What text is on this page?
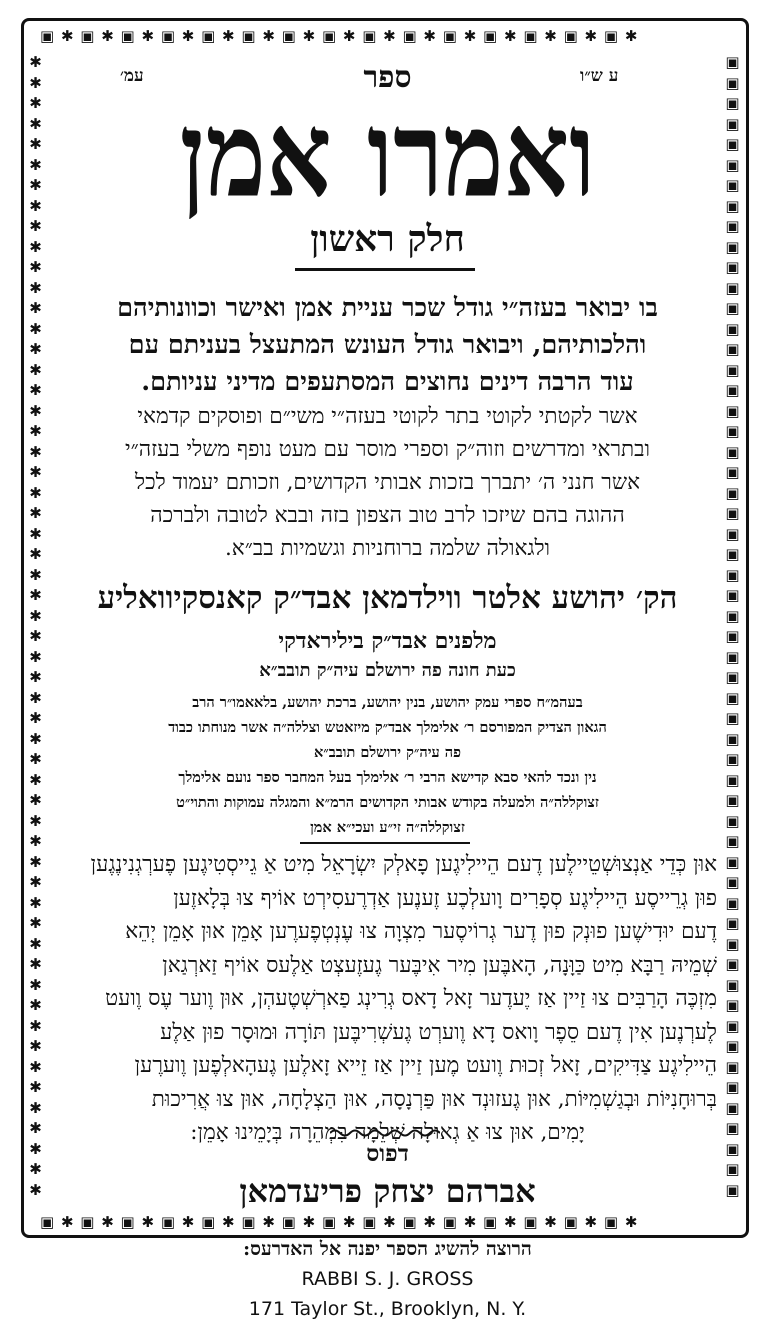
▣ ✱ ▣ ✱ ▣ ✱ ▣ ✱ ▣ ✱ ▣ ✱ ▣ ✱ ▣ ✱ ▣ ✱ ▣ ✱ ▣ ✱ ▣ ✱ ▣ ✱ ▣ ✱ ▣ ✱
▣ ✱ ▣ ✱ ▣ ✱ ▣ ✱ ▣ ✱ ▣ ✱ ▣ ✱ ▣ ✱ ▣ ✱ ▣ ✱ ▣ ✱ ▣ ✱ ▣ ✱ ▣ ✱ ▣ ✱
✱
✱
✱
✱
✱
✱
✱
✱
✱
✱
✱
✱
✱
✱
✱
✱
✱
✱
✱
✱
✱
✱
✱
✱
✱
✱
✱
✱
✱
✱
✱
✱
✱
✱
✱
✱
✱
✱
✱
✱
✱
✱
✱
✱
✱
✱
✱
✱
✱
✱
✱
✱
✱
✱
✱
✱
▣
▣
▣
▣
▣
▣
▣
▣
▣
▣
▣
▣
▣
▣
▣
▣
▣
▣
▣
▣
▣
▣
▣
▣
▣
▣
▣
▣
▣
▣
▣
▣
▣
▣
▣
▣
▣
▣
▣
▣
▣
▣
▣
▣
▣
▣
▣
▣
▣
▣
▣
▣
▣
▣
▣
▣
עמ׳	ע ש״ו
ספר
ואמרו אמן
חלק ראשון
בו יבואר בעזה״י גודל שכר עניית אמן ואישר וכוונותיהם
והלכותיהם, ויבואר גודל העונש המתעצל בעניתם עם
עוד הרבה דינים נחוצים המסתעפים מדיני עניותם.
אשר לקטתי לקוטי בתר לקוטי בעזה״י משי״ם ופוסקים קדמאי
ובתראי ומדרשים וזוה״ק וספרי מוסר עם מעט נופף משלי בעזה״י
אשר חנני ה׳ יתברך בזכות אבותי הקדושים, וזכותם יעמוד לכל
ההוגה בהם שיזכו לרב טוב הצפון בזה ובבא לטובה ולברכה
ולגאולה שלמה ברוחניות וגשמיות בב״א.
הק׳ יהושע אלטר ווילדמאן אבד״ק קאנסקיוואליע
מלפנים אבד״ק ביליראדקי
כעת חונה פה ירושלם עיה״ק תובב״א
בעהמ״ח ספרי עמק יהושע, בנין יהושע, ברכת יהושע, בלאאמו״ר הרב
הגאון הצדיק המפורסם ר׳ אלימלך אבד״ק מיזאטש וצללה״ה אשר מנוחתו כבוד
פה עיה״ק ירושלם תובב״א
נין ונכד להאי סבא קדישא הרבי ר׳ אלימלך בעל המחבר ספר נועם אלימלך
זצוקללה״ה ולמעלה בקודש אבותי הקדושים הרמ״א והמגלה עמוקות והתוי״ט
זצוקללה״ה זי״ע ועכי״א אמן
אוּן כְּדֵי אַנְצוּשְׁטֵיילֶען דֶעם הֵיילִיגֶען פָאלְק יִשְׂרָאֵל מִיט אַ גֵייסְטִיגֶען פֶערְגְנִינֶגֶען
פוּן גְרֵייסֶע הֵיילִיגֶע סְפָרִים וָועלְכֶע זֶענֶען אַדְרֶעסִירְט אוֹיף צוּ בְּלָאזֶען
דֶעם יוּדִישֶׁען פוּנְק פוּן דֶער גְרוֹיסֶער מִצְוָה צוּ עֶנְטְפֶערֶען אָמֵן אוּן אָמֵן יְהֵא
שְׁמֵיהּ רַבָּא מִיט כַּוָּנָה, הָאבֶּען מִיר אִיבֶּער גֶעזֶעצְט אַלֶעס אוֹיף זַארְגַאן
מִזְכֶּה הָרַבִּים צוּ זַיין אַז יֶעדֶער זָאל דָאס גְרִינְג פַארְשְׁטֶעהְן, אוּן וֶוער עֶס וֶועט
לֶערְנֶען אִין דֶעם סֵפֶר וָואס דָא וֶוערְט גֶעשְׁרִיבֶּען תּוֹרָה וּמוּסָר פוּן אַלֶע
הֵיילִיגֶע צַדִּיקִים, זָאל זְכוּת וֶועט מֶען זַיין אַז זֵייא זָאלֶען גֶעהָאלְפֶען וֶוערֶען
בְּרוּחָנִיּוֹת וּבְגַשְׁמִיּוֹת, אוּן גֶעזוּנְד אוּן פַּרְנָסָה, אוּן הַצְלָחָה, אוּן צוּ אֲרִיכוּת
יָמִים, אוּן צוּ אַ גְאוּלָה שְׁלֵמָה בִּמְהֵרָה בְּיָמֵינוּ אָמֵן:
דפוס
אברהם יצחק פריעדמאן
הרוצה להשיג הספר יפנה אל האדרעס:
RABBI S. J. GROSS
171 Taylor St., Brooklyn, N. Y.
